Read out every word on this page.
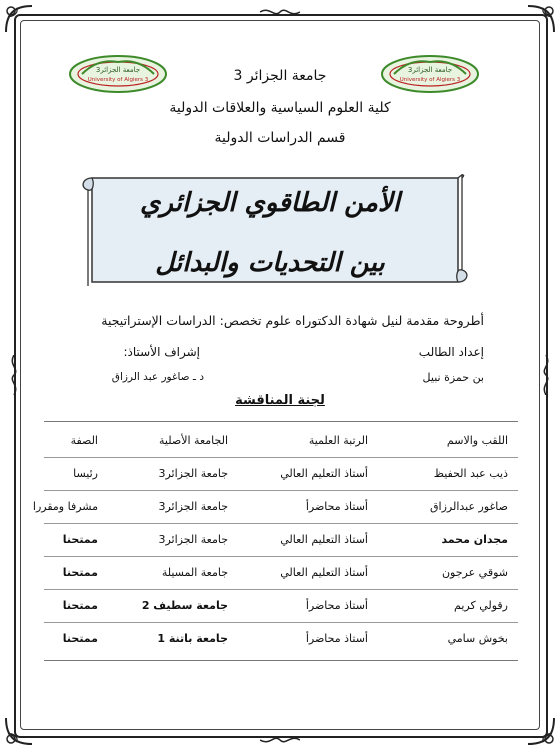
جامعة الجزائر3
University of Algiers 3
جامعة الجزائر3
University of Algiers 3
جامعة الجزائر 3
كلية العلوم السياسية والعلاقات الدولية
قسم الدراسات الدولية
الأمن الطاقوي الجزائري
بين التحديات والبدائل
أطروحة مقدمة لنيل شهادة الدكتوراه علوم تخصص: الدراسات الإستراتيجية
إعداد الطالب
إشراف الأستاذ:
بن حمزة نبيل
د ـ صاغور عبد الرزاق
لجنة المناقشة
اللقب والاسم
الرتبة العلمية
الجامعة الأصلية
الصفة
ذيب عبد الحفيظ
أستاذ التعليم العالي
جامعة الجزائر3
رئيسا
صاغور عبدالرزاق
أستاذ محاضرأ
جامعة الجزائر3
مشرفا ومقررا
مجدان محمد
أستاذ التعليم العالي
جامعة الجزائر3
ممتحنا
شوقي عرجون
أستاذ التعليم العالي
جامعة المسيلة
ممتحنا
رقولي كريم
أستاذ محاضرأ
جامعة سطيف 2
ممتحنا
بخوش سامي
أستاذ محاضرأ
جامعة باتنة 1
ممتحنا
